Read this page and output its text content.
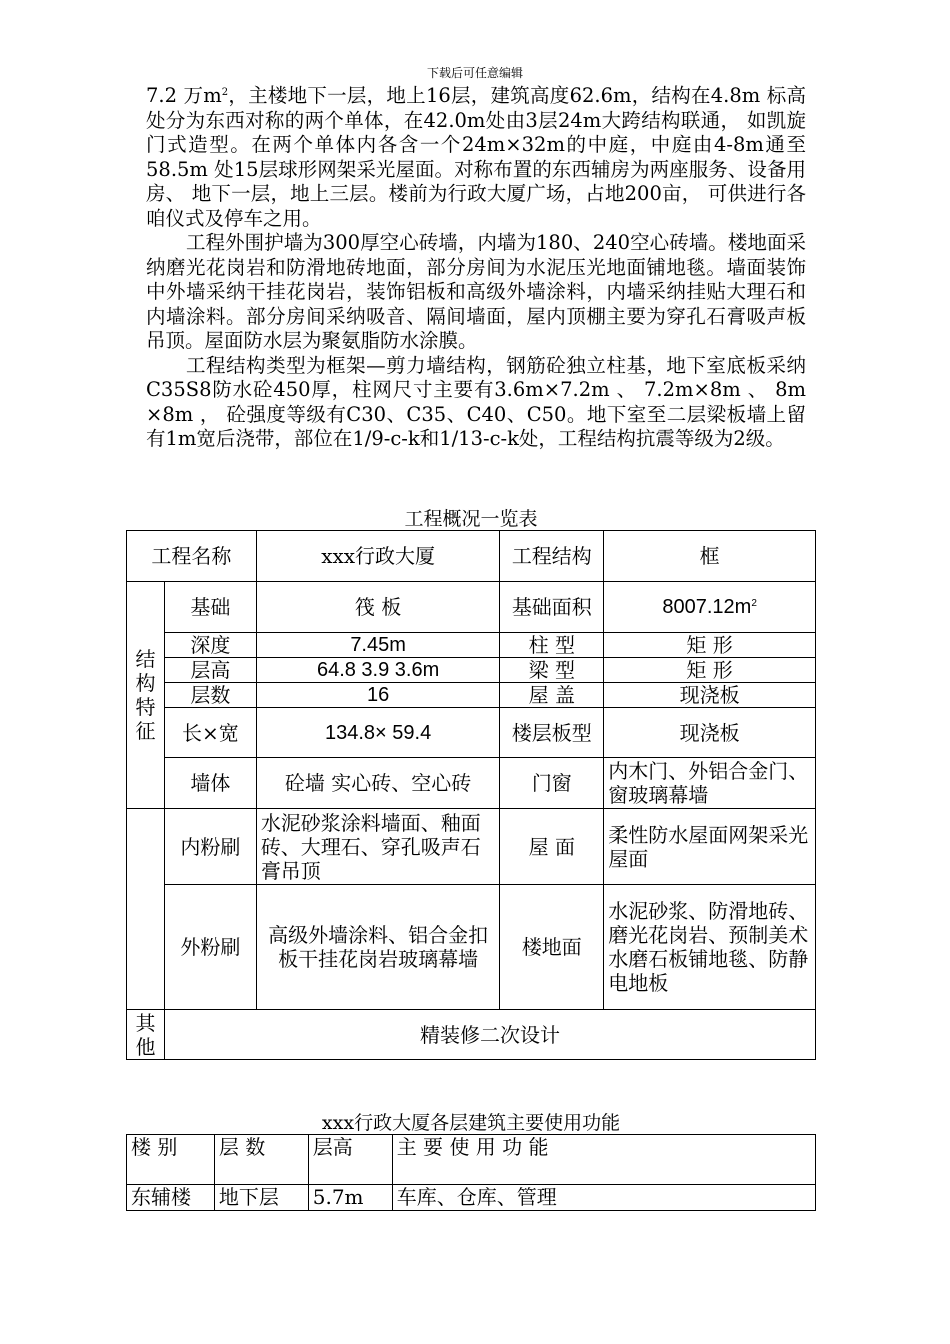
下载后可任意编辑

7.2 万$m^2$，主楼地下一层，地上16层，建筑高度62.6m，结构在4.8m 标高处分为东西对称的两个单体，在42.0m处由3层24m大跨结构联通， 如凯旋门式造型。在两个单体内各含一个24m×32m的中庭，中庭由4-8m通至58.5m 处15层球形网架采光屋面。对称布置的东西辅房为两座服务、设备用房、 地下一层，地上三层。楼前为行政大厦广场，占地200亩， 可供进行各咱仪式及停车之用。

工程外围护墙为300厚空心砖墙，内墙为180、240空心砖墙。楼地面采纳磨光花岗岩和防滑地砖地面，部分房间为水泥压光地面铺地毯。墙面装饰中外墙采纳干挂花岗岩，装饰铝板和高级外墙涂料，内墙采纳挂贴大理石和内墙涂料。部分房间采纳吸音、隔间墙面，屋内顶棚主要为穿孔石膏吸声板吊顶。屋面防水层为聚氨脂防水涂膜。

工程结构类型为框架—剪力墙结构，钢筋砼独立柱基，地下室底板采纳C35S8防水砼450厚，柱网尺寸主要有3.6m×7.2m 、 7.2m×8m 、 8m ×8m ， 砼强度等级有C30、C35、C40、C50。地下室至二层梁板墙上留有1m宽后浇带，部位在1/9-c-k和1/13-c-k处，工程结构抗震等级为2级。

工程概况一览表
工程名称		xxx行政大厦	工程结构	框

结
构
特
征	基础	筏 板	基础面积	$8007.12m^2$
	深度	7.45m	柱 型	矩 形
	层高	64.8 3.9 3.6m	梁 型	矩 形
	层数	16	屋 盖	现浇板
	长×宽	134.8× 59.4	楼层板型	现浇板
	墙体	砼墙 实心砖、空心砖	门窗	内木门、外铝合金门、窗玻璃幕墙
	内粉刷	水泥砂浆涂料墙面、釉面砖、大理石、穿孔吸声石膏吊顶	屋 面	柔性防水屋面网架采光屋面
	外粉刷	高级外墙涂料、铝合金扣板干挂花岗岩玻璃幕墙	楼地面	水泥砂浆、防滑地砖、磨光花岗岩、预制美术水磨石板铺地毯、防静电地板

其
他	精装修二次设计			
xxx行政大厦各层建筑主要使用功能
楼 别	层 数	层高	主 要 使 用 功 能
东辅楼	地下层	5.7m	车库、仓库、管理
